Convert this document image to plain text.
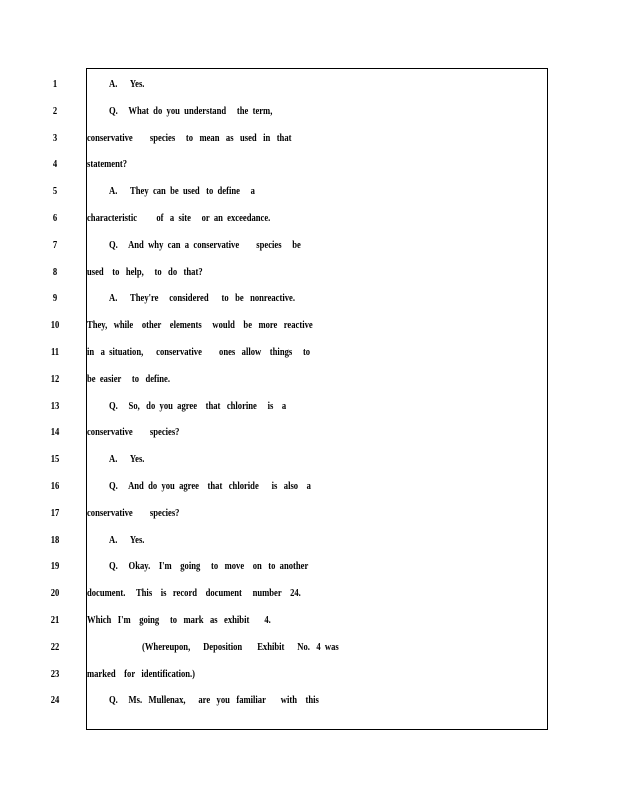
1	A.      Yes.
2	Q.     What  do  you  understand     the  term,
3	conservative        species     to   mean   as   used   in   that
4	statement?
5	A.      They  can  be  used   to  define     a
6	characteristic         of   a  site     or  an  exceedance.
7	Q.     And  why  can  a  conservative        species     be
8	used    to   help,     to   do   that?
9	A.      They're     considered      to   be   nonreactive.
10	They,   while    other    elements     would    be   more   reactive
11	in   a  situation,      conservative        ones   allow    things     to
12	be  easier     to   define.
13	Q.     So,   do  you  agree    that   chlorine     is    a
14	conservative        species?
15	A.      Yes.
16	Q.     And  do  you  agree    that   chloride      is   also    a
17	conservative        species?
18	A.      Yes.
19	Q.     Okay.    I'm    going     to   move    on   to  another
20	document.     This    is   record    document     number    24.
21	Which   I'm    going     to   mark   as   exhibit       4.
22	(Whereupon,      Deposition       Exhibit      No.   4  was
23	marked    for   identification.)
24	Q.     Ms.   Mullenax,      are   you   familiar       with    this
